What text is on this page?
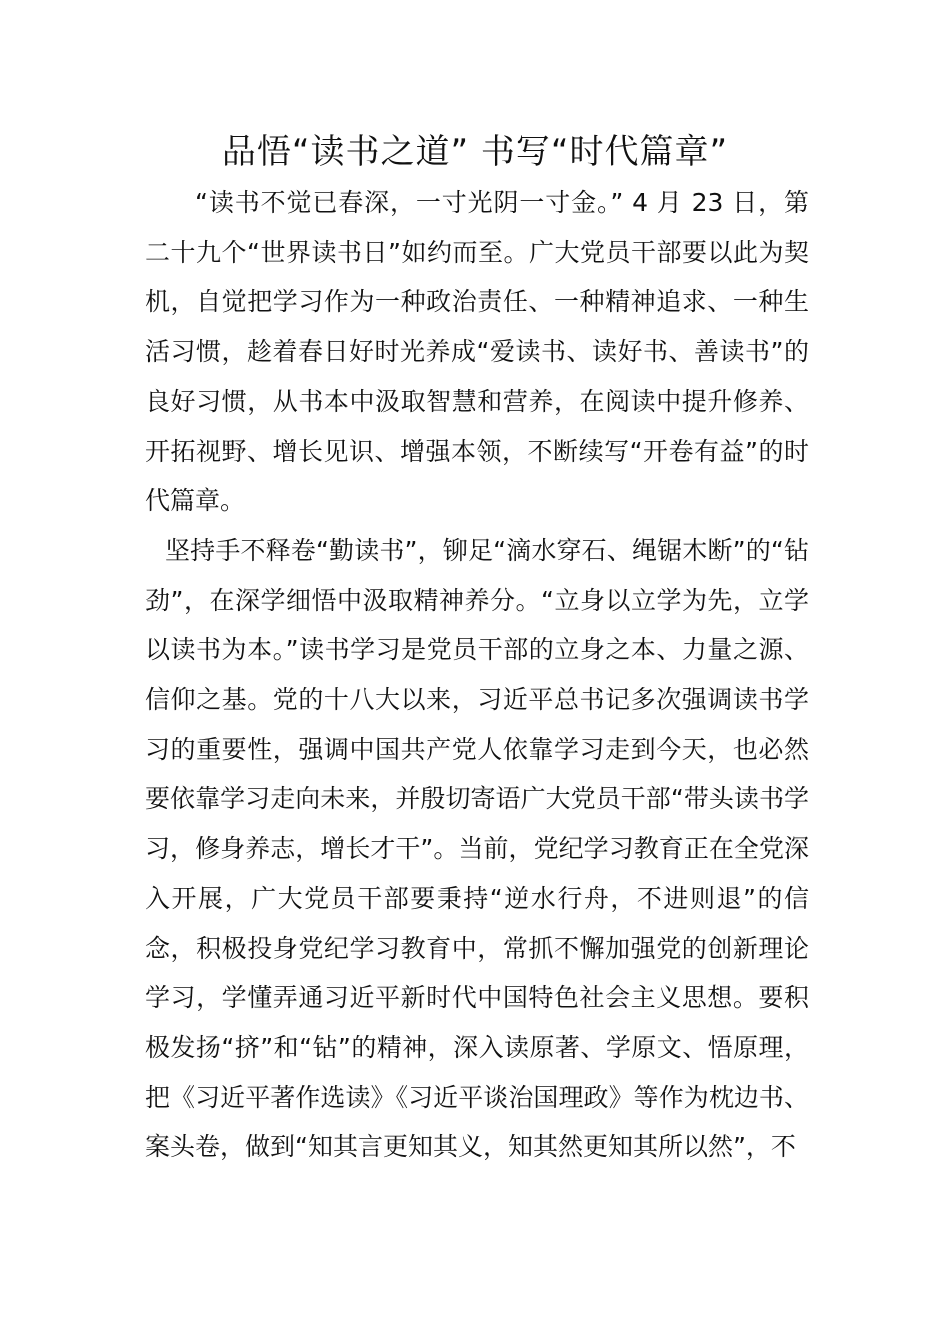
品悟“读书之道” 书写“时代篇章”

“读书不觉已春深，一寸光阴一寸金。” 4 月 23 日，第二十九个“世界读书日”如约而至。广大党员干部要以此为契机，自觉把学习作为一种政治责任、一种精神追求、一种生活习惯，趁着春日好时光养成“爱读书、读好书、善读书”的良好习惯，从书本中汲取智慧和营养，在阅读中提升修养、开拓视野、增长见识、增强本领，不断续写“开卷有益”的时代篇章。

坚持手不释卷“勤读书”，铆足“滴水穿石、绳锯木断”的“钻劲”，在深学细悟中汲取精神养分。“立身以立学为先，立学以读书为本。”读书学习是党员干部的立身之本、力量之源、信仰之基。党的十八大以来，习近平总书记多次强调读书学习的重要性，强调中国共产党人依靠学习走到今天，也必然要依靠学习走向未来，并殷切寄语广大党员干部“带头读书学习，修身养志，增长才干”。当前，党纪学习教育正在全党深入开展，广大党员干部要秉持“逆水行舟，不进则退”的信念，积极投身党纪学习教育中，常抓不懈加强党的创新理论学习，学懂弄通习近平新时代中国特色社会主义思想。要积极发扬“挤”和“钻”的精神，深入读原著、学原文、悟原理，把《习近平著作选读》《习近平谈治国理政》等作为枕边书、案头卷，做到“知其言更知其义，知其然更知其所以然”，不
